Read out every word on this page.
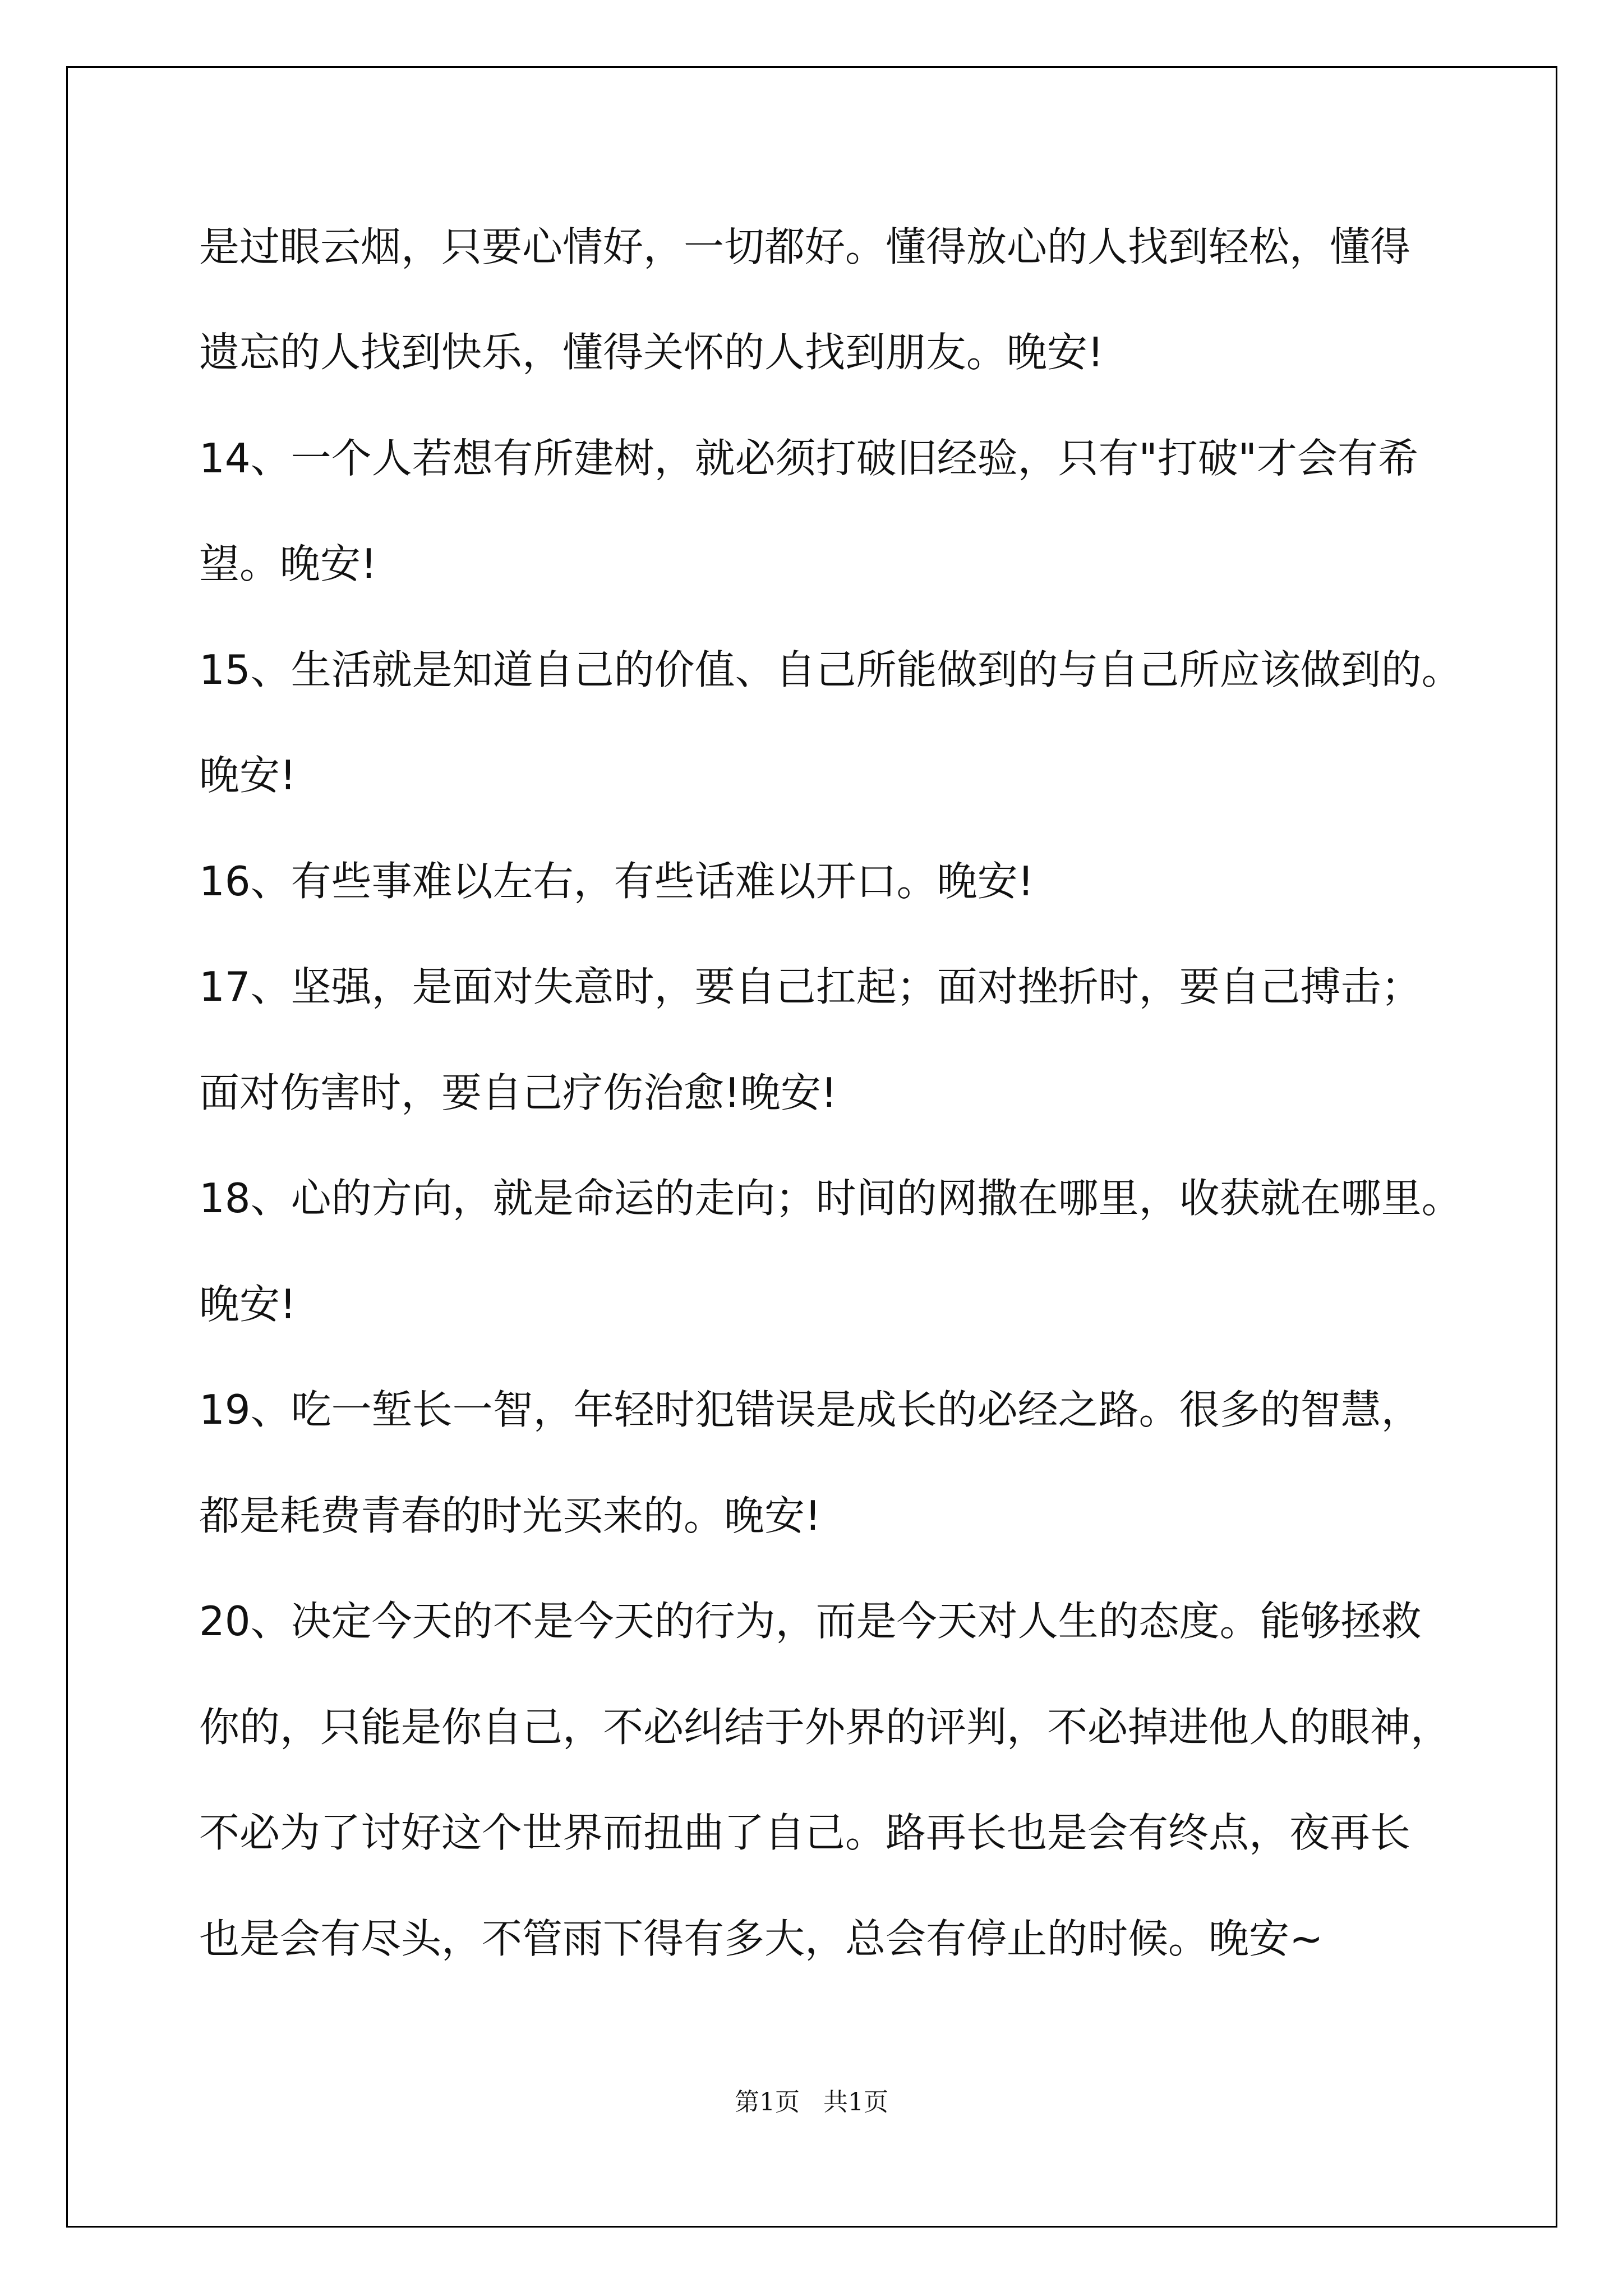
是过眼云烟，只要心情好，一切都好。懂得放心的人找到轻松，懂得

遗忘的人找到快乐，懂得关怀的人找到朋友。晚安!

14、一个人若想有所建树，就必须打破旧经验，只有"打破"才会有希

望。晚安!

15、生活就是知道自己的价值、自己所能做到的与自己所应该做到的。

晚安!

16、有些事难以左右，有些话难以开口。晚安!

17、坚强，是面对失意时，要自己扛起；面对挫折时，要自己搏击；

面对伤害时，要自己疗伤治愈!晚安!

18、心的方向，就是命运的走向；时间的网撒在哪里，收获就在哪里。

晚安!

19、吃一堑长一智，年轻时犯错误是成长的必经之路。很多的智慧，

都是耗费青春的时光买来的。晚安!

20、决定今天的不是今天的行为，而是今天对人生的态度。能够拯救

你的，只能是你自己，不必纠结于外界的评判，不必掉进他人的眼神，

不必为了讨好这个世界而扭曲了自己。路再长也是会有终点，夜再长

也是会有尽头，不管雨下得有多大，总会有停止的时候。晚安~

第1页   共1页
